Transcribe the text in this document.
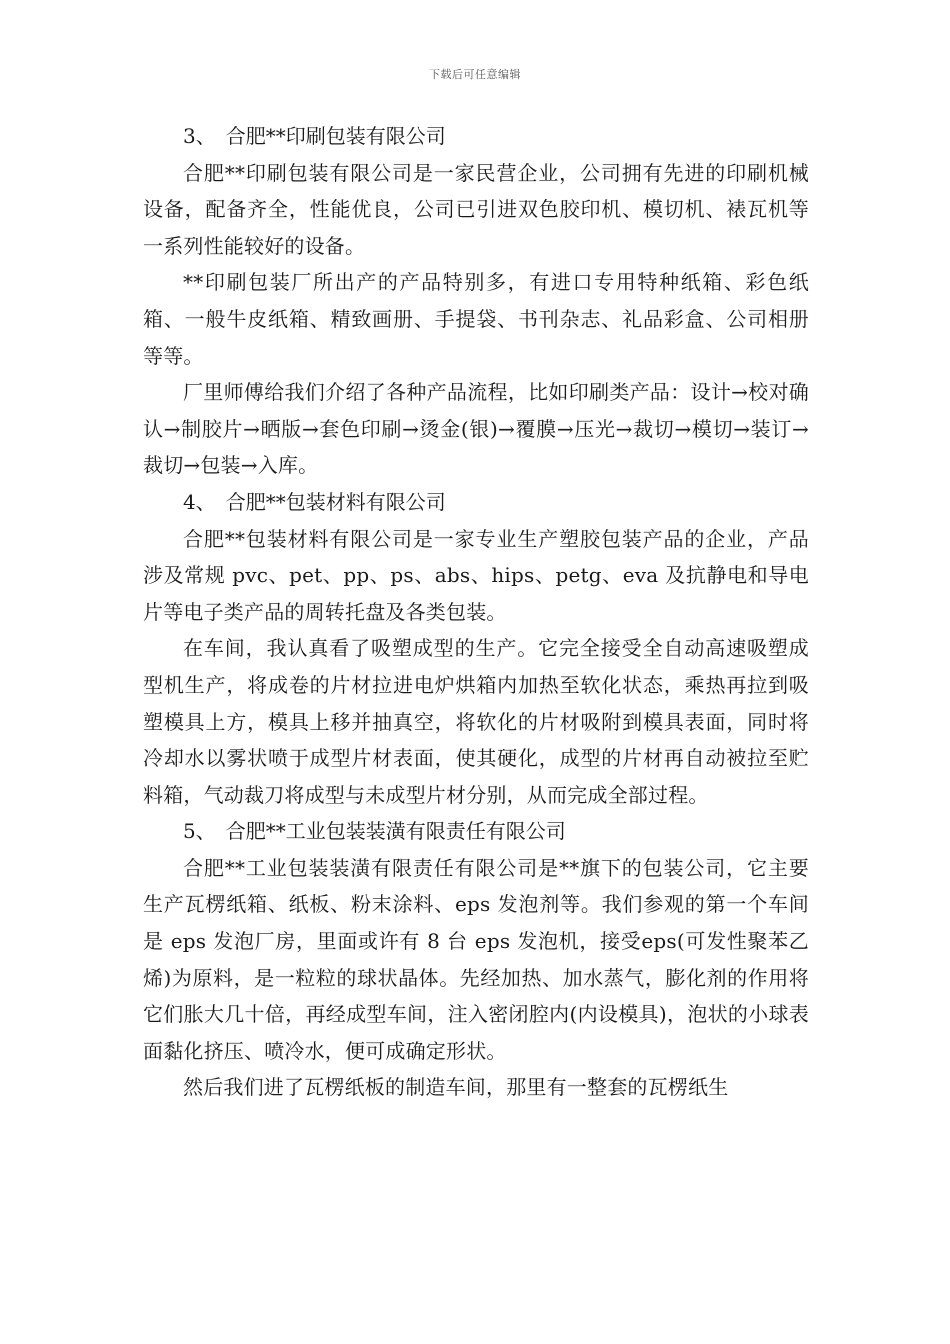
下载后可任意编辑

3、 合肥**印刷包装有限公司

合肥**印刷包装有限公司是一家民营企业，公司拥有先进的印刷机械设备，配备齐全，性能优良，公司已引进双色胶印机、模切机、裱瓦机等一系列性能较好的设备。

**印刷包装厂所出产的产品特别多，有进口专用特种纸箱、彩色纸箱、一般牛皮纸箱、精致画册、手提袋、书刊杂志、礼品彩盒、公司相册等等。

厂里师傅给我们介绍了各种产品流程，比如印刷类产品：设计→校对确认→制胶片→晒版→套色印刷→烫金(银)→覆膜→压光→裁切→模切→装订→裁切→包装→入库。

4、 合肥**包装材料有限公司

合肥**包装材料有限公司是一家专业生产塑胶包装产品的企业，产品涉及常规 pvc、pet、pp、ps、abs、hips、petg、eva 及抗静电和导电片等电子类产品的周转托盘及各类包装。

在车间，我认真看了吸塑成型的生产。它完全接受全自动高速吸塑成型机生产，将成卷的片材拉进电炉烘箱内加热至软化状态，乘热再拉到吸塑模具上方，模具上移并抽真空，将软化的片材吸附到模具表面，同时将冷却水以雾状喷于成型片材表面，使其硬化，成型的片材再自动被拉至贮料箱，气动裁刀将成型与未成型片材分别，从而完成全部过程。

5、 合肥**工业包装装潢有限责任有限公司

合肥**工业包装装潢有限责任有限公司是**旗下的包装公司，它主要生产瓦楞纸箱、纸板、粉末涂料、eps 发泡剂等。我们参观的第一个车间是 eps 发泡厂房，里面或许有 8 台 eps 发泡机，接受eps(可发性聚苯乙烯)为原料，是一粒粒的球状晶体。先经加热、加水蒸气，膨化剂的作用将它们胀大几十倍，再经成型车间，注入密闭腔内(内设模具)，泡状的小球表面黏化挤压、喷冷水，便可成确定形状。

然后我们进了瓦楞纸板的制造车间，那里有一整套的瓦楞纸生
